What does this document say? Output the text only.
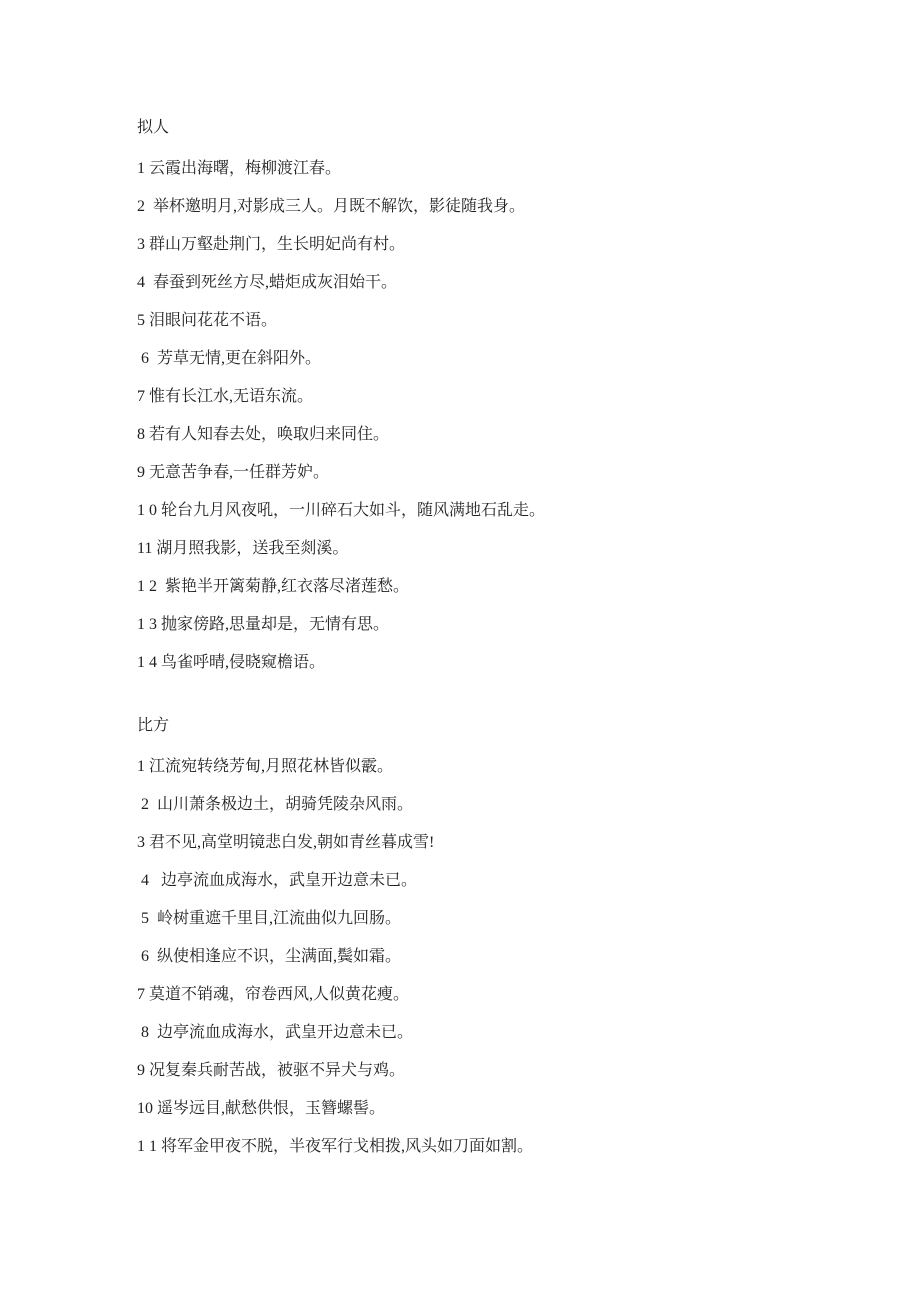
拟人

1 云霞出海曙，梅柳渡江春。

2  举杯邀明月,对影成三人。月既不解饮，影徒随我身。

3 群山万壑赴荆门，生长明妃尚有村。

4  春蚕到死丝方尽,蜡炬成灰泪始干。

5 泪眼问花花不语。

6  芳草无情,更在斜阳外。

7 惟有长江水,无语东流。

8 若有人知春去处，唤取归来同住。

9 无意苦争春,一任群芳妒。

1 0 轮台九月风夜吼，一川碎石大如斗，随风满地石乱走。

11 湖月照我影，送我至剡溪。

1 2  紫艳半开篱菊静,红衣落尽渚莲愁。

1 3 抛家傍路,思量却是，无情有思。

1 4 鸟雀呼晴,侵晓窥檐语。

比方

1 江流宛转绕芳甸,月照花林皆似霰。

2  山川萧条极边土，胡骑凭陵杂风雨。

3 君不见,高堂明镜悲白发,朝如青丝暮成雪!

4   边亭流血成海水，武皇开边意未已。

5  岭树重遮千里目,江流曲似九回肠。

6  纵使相逢应不识，尘满面,鬓如霜。

7 莫道不销魂，帘卷西风,人似黄花瘦。

8  边亭流血成海水，武皇开边意未已。

9 况复秦兵耐苦战，被驱不异犬与鸡。

10 遥岑远目,献愁供恨，玉簪螺髻。

1 1 将军金甲夜不脱，半夜军行戈相拨,风头如刀面如割。
